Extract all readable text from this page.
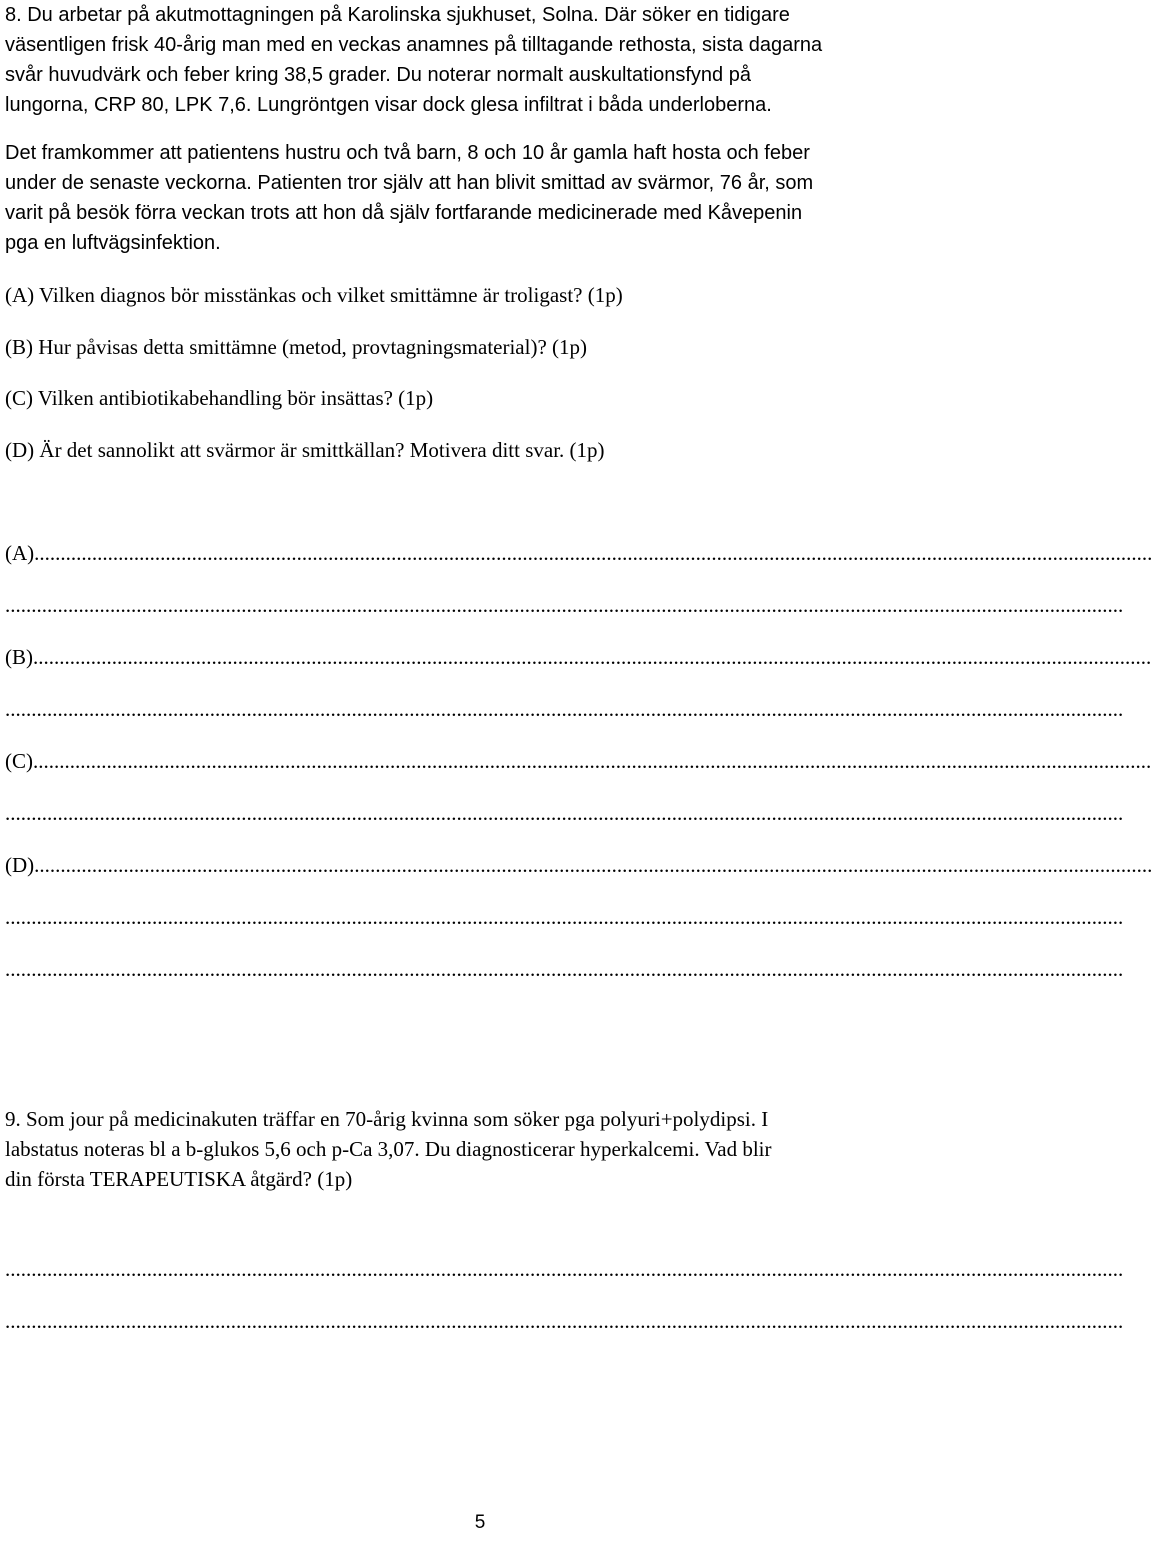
8. Du arbetar på akutmottagningen på Karolinska sjukhuset, Solna. Där söker en tidigare
väsentligen frisk 40-årig man med en veckas anamnes på tilltagande rethosta, sista dagarna
svår huvudvärk och feber kring 38,5 grader. Du noterar normalt auskultationsfynd på
lungorna, CRP 80, LPK 7,6. Lungröntgen visar dock glesa infiltrat i båda underloberna.
Det framkommer att patientens hustru och två barn, 8 och 10 år gamla haft hosta och feber
under de senaste veckorna. Patienten tror själv att han blivit smittad av svärmor, 76 år, som
varit på besök förra veckan trots att hon då själv fortfarande medicinerade med Kåvepenin
pga en luftvägsinfektion.
(A) Vilken diagnos bör misstänkas och vilket smittämne är troligast? (1p)
(B) Hur påvisas detta smittämne (metod, provtagningsmaterial)? (1p)
(C) Vilken antibiotikabehandling bör insättas? (1p)
(D) Är det sannolikt att svärmor är smittkällan? Motivera ditt svar. (1p)
(A).....................................................................................................................................................................................................................
.....................................................................................................................................................................................................................
(B).....................................................................................................................................................................................................................
.....................................................................................................................................................................................................................
(C).....................................................................................................................................................................................................................
.....................................................................................................................................................................................................................
(D).....................................................................................................................................................................................................................
.....................................................................................................................................................................................................................
.....................................................................................................................................................................................................................
9. Som jour på medicinakuten träffar en 70-årig kvinna som söker pga polyuri+polydipsi. I
labstatus noteras bl a b-glukos 5,6 och p-Ca 3,07. Du diagnosticerar hyperkalcemi. Vad blir
din första TERAPEUTISKA åtgärd? (1p)
.....................................................................................................................................................................................................................
.....................................................................................................................................................................................................................
5
